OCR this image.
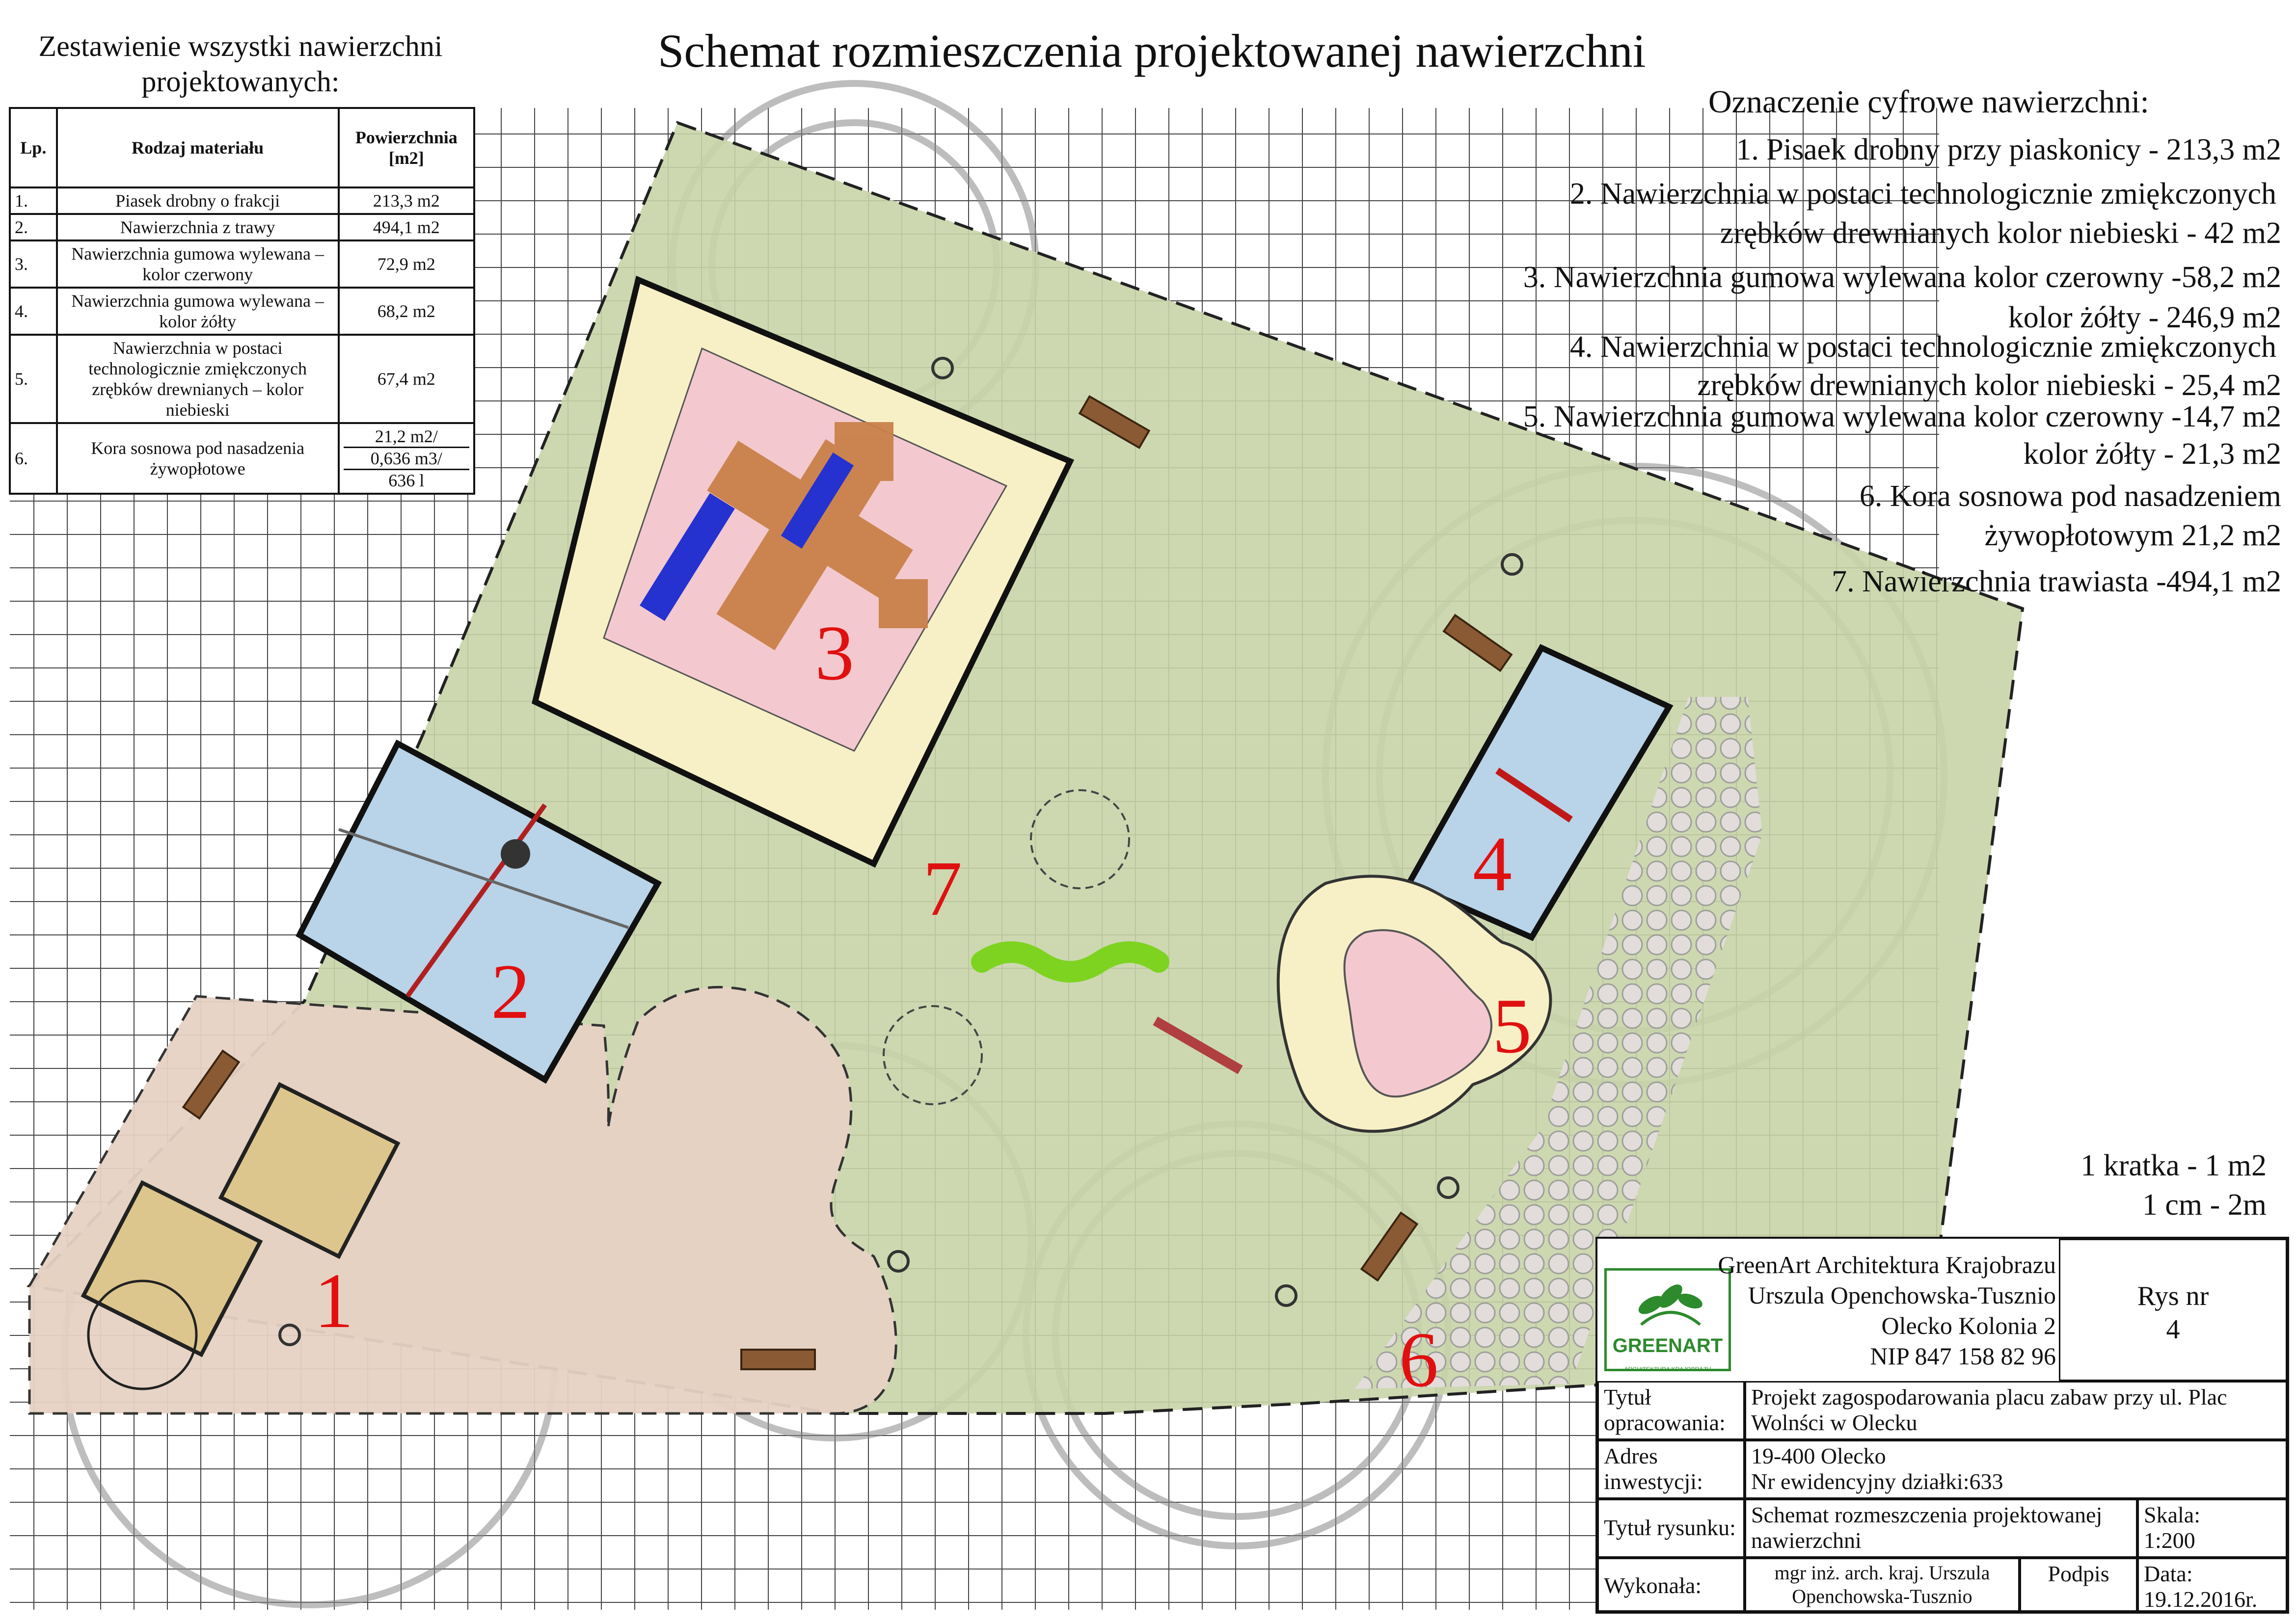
Schemat rozmieszczenia projektowanej nawierzchni
Zestawienie wszystki nawierzchni projektowanych:
Lp.	Rodzaj materiału	Powierzchnia [m2]
1.	Piasek drobny o frakcji	213,3 m2
2.	Nawierzchnia z trawy	494,1 m2
3.	Nawierzchnia gumowa wylewana – kolor czerwony	72,9 m2
4.	Nawierzchnia gumowa wylewana – kolor żółty	68,2 m2
5.	Nawierzchnia w postaci technologicznie zmiękczonych zrębków drewnianych – kolor niebieski	67,4 m2
6.	Kora sosnowa pod nasadzenia żywopłotowe	21,2 m2/
0,636 m3/
636 l
Oznaczenie cyfrowe nawierzchni:
1. Pisaek drobny przy piaskonicy - 213,3 m2
2. Nawierzchnia w postaci technologicznie zmiękczonych
zrębków drewnianych kolor niebieski - 42 m2
3. Nawierzchnia gumowa wylewana kolor czerowny -58,2 m2
kolor żółty - 246,9 m2
4. Nawierzchnia w postaci technologicznie zmiękczonych
zrębków drewnianych kolor niebieski - 25,4 m2
5. Nawierzchnia gumowa wylewana kolor czerowny -14,7 m2
kolor żółty - 21,3 m2
6. Kora sosnowa pod nasadzeniem
żywopłotowym 21,2 m2
7. Nawierzchnia trawiasta -494,1 m2
1 kratka - 1 m2
1 cm - 2m
1
2
3
4
5
6
7
GREENART
ARCHITEKTURA KRAJOBRAZU
GreenArt Architektura Krajobrazu
Urszula Openchowska-Tusznio
Olecko Kolonia 2
NIP 847 158 82 96
Rys nr
4
Tytuł opracowania:
Projekt zagospodarowania placu zabaw przy ul. Plac Wolnści w Olecku
Adres inwestycji:
19-400 Olecko
Nr ewidencyjny działki:633
Tytuł rysunku:
Schemat rozmeszczenia projektowanej nawierzchni
Skala:
1:200
Wykonała:
mgr inż. arch. kraj. Urszula Openchowska-Tusznio
Podpis	Data:
19.12.2016r.
